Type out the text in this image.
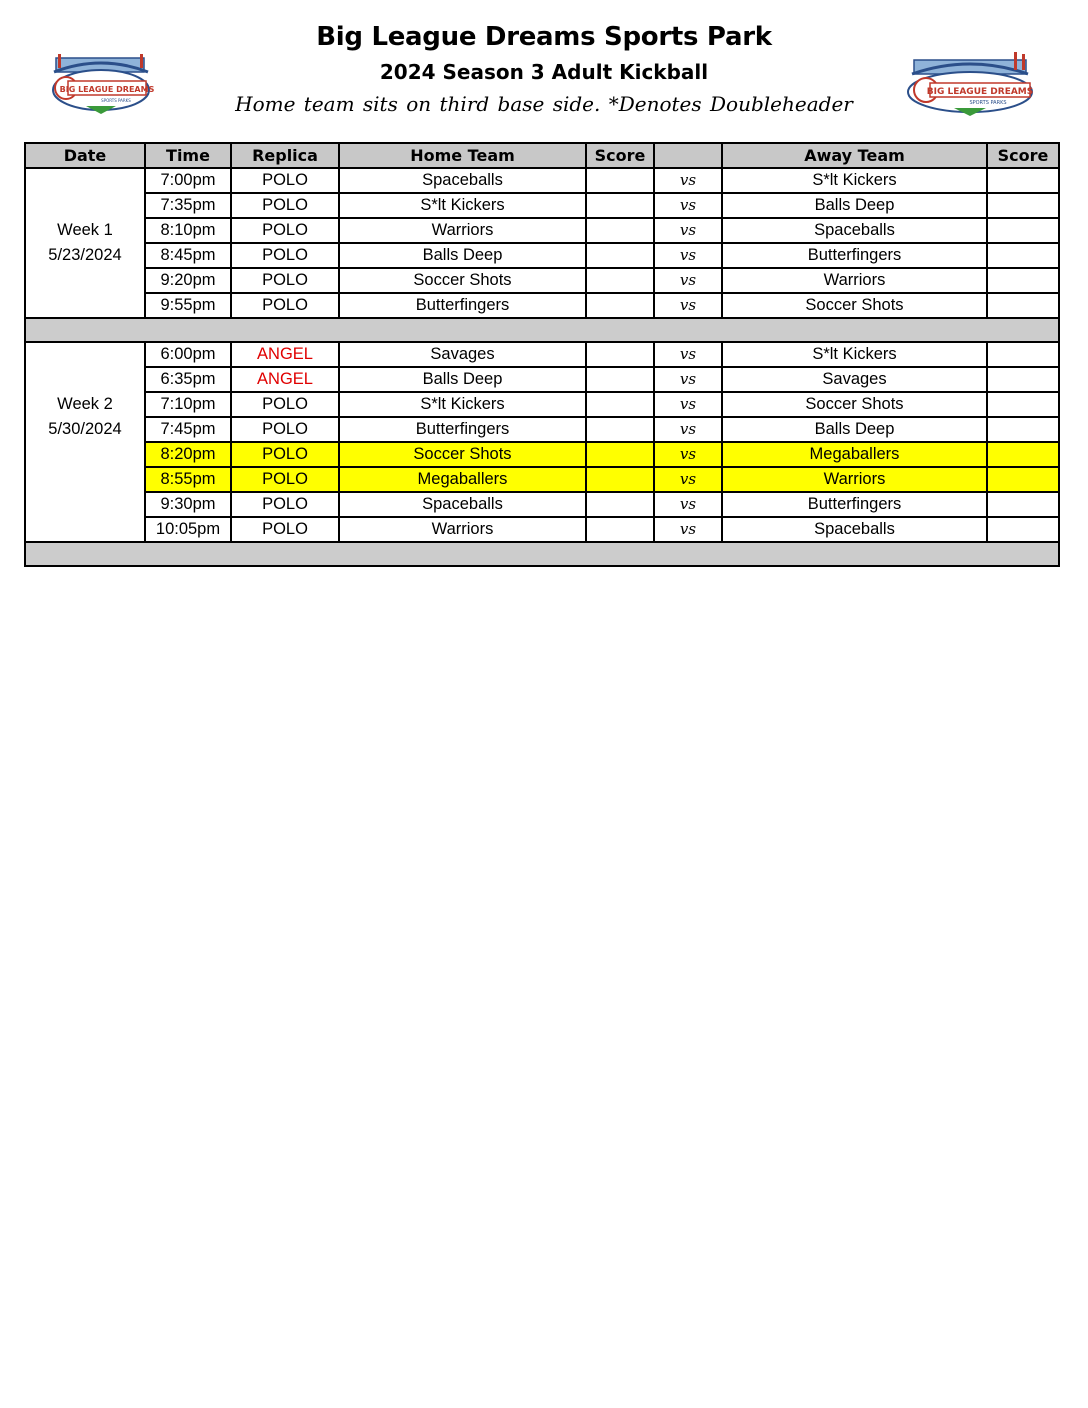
BIG LEAGUE DREAMS
SPORTS PARKS
Big League Dreams Sports Park
2024 Season 3 Adult Kickball
Home team sits on third base side. *Denotes Doubleheader	BIG LEAGUE DREAMS
SPORTS PARKS
Date	Time	Replica	Home Team	Score		Away Team	Score
	7:00pm	POLO	Spaceballs		vs	S*lt Kickers	
	7:35pm	POLO	S*lt Kickers		vs	Balls Deep	
Week 1	8:10pm	POLO	Warriors		vs	Spaceballs	
5/23/2024	8:45pm	POLO	Balls Deep		vs	Butterfingers	
	9:20pm	POLO	Soccer Shots		vs	Warriors	
	9:55pm	POLO	Butterfingers		vs	Soccer Shots	

	6:00pm	ANGEL	Savages		vs	S*lt Kickers	
	6:35pm	ANGEL	Balls Deep		vs	Savages	
Week 2	7:10pm	POLO	S*lt Kickers		vs	Soccer Shots	
5/30/2024	7:45pm	POLO	Butterfingers		vs	Balls Deep	
	8:20pm	POLO	Soccer Shots		vs	Megaballers	
	8:55pm	POLO	Megaballers		vs	Warriors	
	9:30pm	POLO	Spaceballs		vs	Butterfingers	
	10:05pm	POLO	Warriors		vs	Spaceballs	
